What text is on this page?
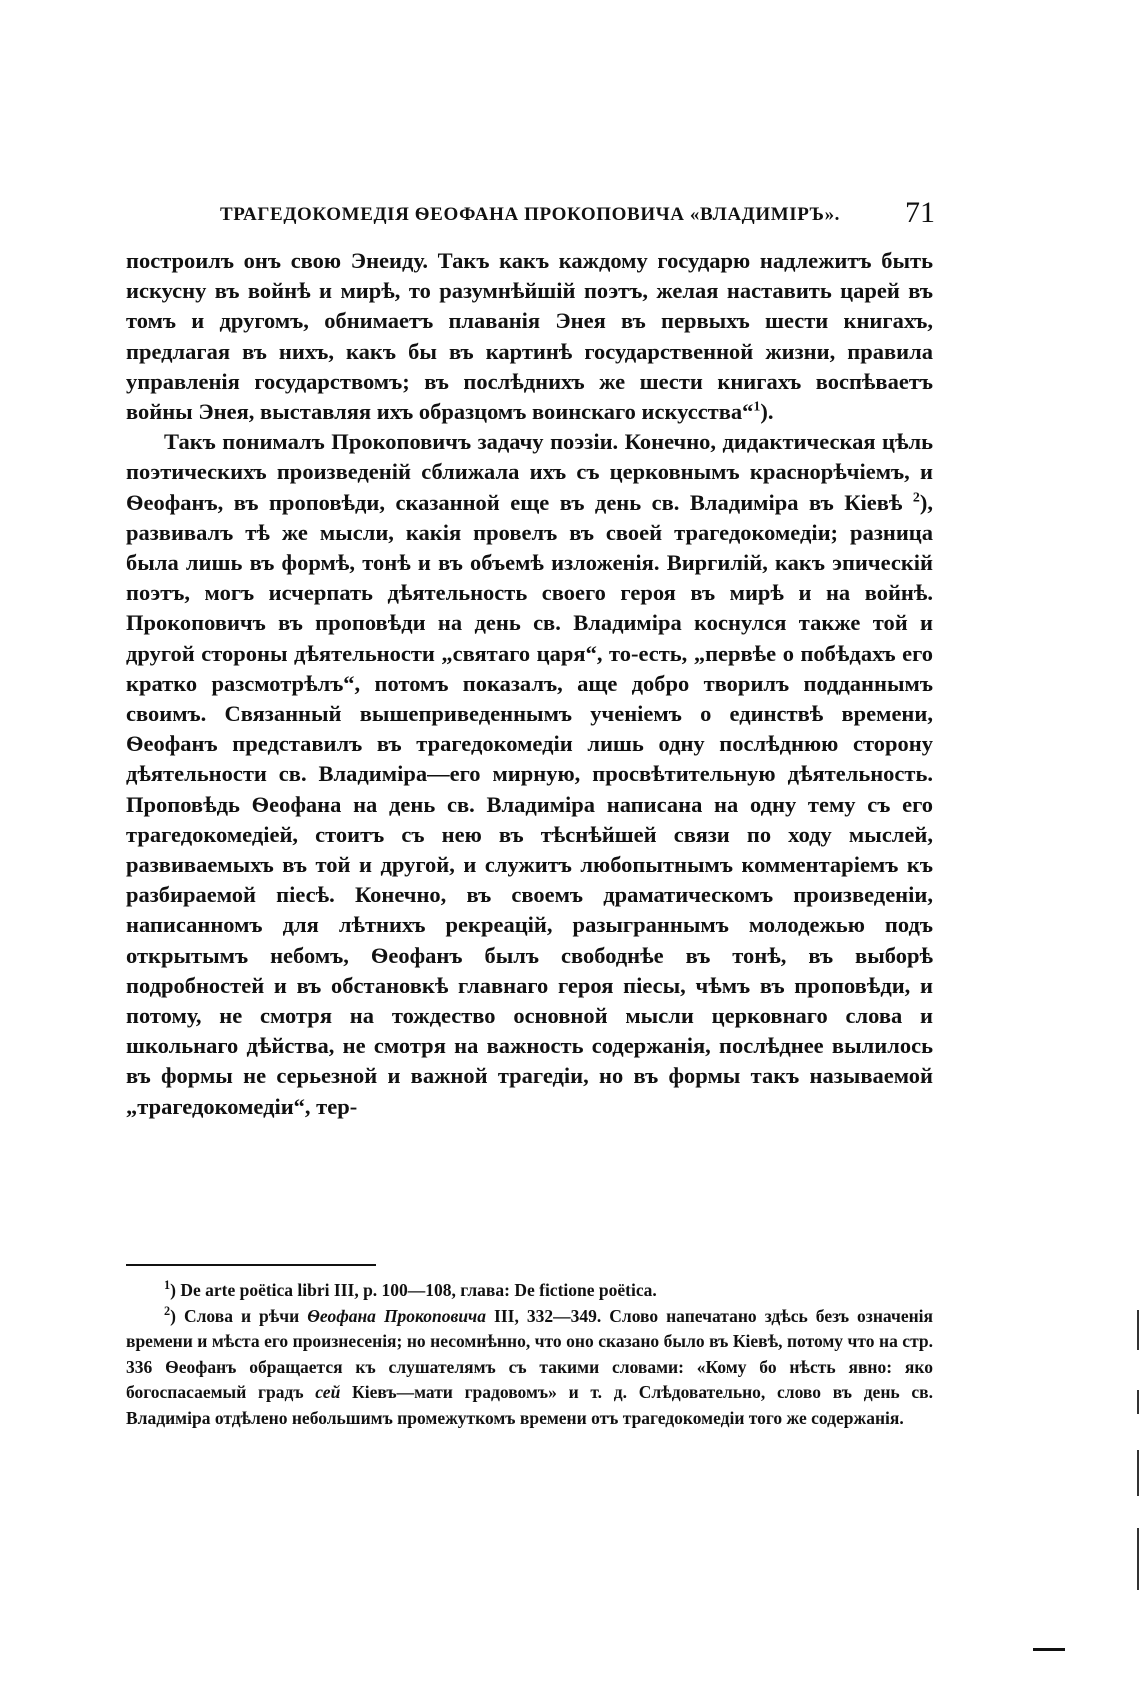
ТРАГЕДОКОМЕДІЯ ѲЕОФАНА ПРОКОПОВИЧА «ВЛАДИМІРЪ». 71

построилъ онъ свою Энеиду. Такъ какъ каждому государю надлежитъ быть искусну въ войнѣ и мирѣ, то разумнѣйшій поэтъ, желая наставить царей въ томъ и другомъ, обнимаетъ плаванія Энея въ первыхъ шести книгахъ, предлагая въ нихъ, какъ бы въ картинѣ государственной жизни, правила управленія государствомъ; въ послѣднихъ же шести книгахъ воспѣваетъ войны Энея, выставляя ихъ образцомъ воинскаго искусства“$^1$).

Такъ понималъ Прокоповичъ задачу поэзіи. Конечно, дидактическая цѣль поэтическихъ произведеній сближала ихъ съ церковнымъ краснорѣчіемъ, и Ѳеофанъ, въ проповѣди, сказанной еще въ день св. Владиміра въ Кіевѣ $^2$), развивалъ тѣ же мысли, какія провелъ въ своей трагедокомедіи; разница была лишь въ формѣ, тонѣ и въ объемѣ изложенія. Виргилій, какъ эпическій поэтъ, могъ исчерпать дѣятельность своего героя въ мирѣ и на войнѣ. Прокоповичъ въ проповѣди на день св. Владиміра коснулся также той и другой стороны дѣятельности „святаго царя“, то-есть, „первѣе о побѣдахъ его кратко разсмотрѣлъ“, потомъ показалъ, аще добро творилъ подданнымъ своимъ. Связанный вышеприведеннымъ ученіемъ о единствѣ времени, Ѳеофанъ представилъ въ трагедокомедіи лишь одну послѣднюю сторону дѣятельности св. Владиміра—его мирную, просвѣтительную дѣятельность. Проповѣдь Ѳеофана на день св. Владиміра написана на одну тему съ его трагедокомедіей, стоитъ съ нею въ тѣснѣйшей связи по ходу мыслей, развиваемыхъ въ той и другой, и служитъ любопытнымъ комментаріемъ къ разбираемой піесѣ. Конечно, въ своемъ драматическомъ произведеніи, написанномъ для лѣтнихъ рекреацій, разыграннымъ молодежью подъ открытымъ небомъ, Ѳеофанъ былъ свободнѣе въ тонѣ, въ выборѣ подробностей и въ обстановкѣ главнаго героя піесы, чѣмъ въ проповѣди, и потому, не смотря на тождество основной мысли церковнаго слова и школьнаго дѣйства, не смотря на важность содержанія, послѣднее вылилось въ формы не серьезной и важной трагедіи, но въ формы такъ называемой „трагедокомедіи“, тер-

$^1$) De arte poëtica libri III, p. 100—108, глава: De fictione poëtica.

$^2$) Слова и рѣчи Ѳеофана Прокоповича III, 332—349. Слово напечатано здѣсь безъ означенія времени и мѣста его произнесенія; но несомнѣнно, что оно сказано было въ Кіевѣ, потому что на стр. 336 Ѳеофанъ обращается къ слушателямъ съ такими словами: «Кому бо нѣсть явно: яко богоспасаемый градъ сей Кіевъ—мати градовомъ» и т. д. Слѣдовательно, слово въ день св. Владиміра отдѣлено небольшимъ промежуткомъ времени отъ трагедокомедіи того же содержанія.
